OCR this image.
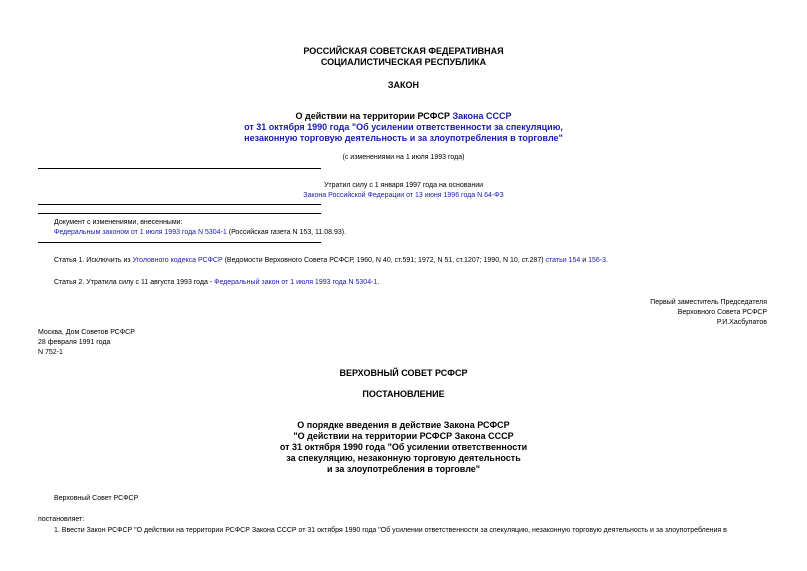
РОССИЙСКАЯ СОВЕТСКАЯ ФЕДЕРАТИВНАЯ
СОЦИАЛИСТИЧЕСКАЯ РЕСПУБЛИКА
ЗАКОН
О действии на территории РСФСР Закона СССР
от 31 октября 1990 года "Об усилении ответственности за спекуляцию,
незаконную торговую деятельность и за злоупотребления в торговле"
(с изменениями на 1 июля 1993 года)
Утратил силу с 1 января 1997 года на основании
Закона Российской Федерации от 13 июня 1996 года N 64-ФЗ
Документ с изменениями, внесенными:
Федеральным законом от 1 июля 1993 года N 5304-1 (Российская газета N 153, 11.08.93).
Статья 1. Исключить из Уголовного кодекса РСФСР (Ведомости Верховного Совета РСФСР, 1960, N 40, ст.591; 1972, N 51, ст.1207; 1990, N 10, ст.287) статьи 154 и 156-3.
Статья 2. Утратила силу с 11 августа 1993 года - Федеральный закон от 1 июля 1993 года N 5304-1.
Первый заместитель Председателя
Верховного Совета РСФСР
Р.И.Хасбулатов
Москва, Дом Советов РСФСР
28 февраля 1991 года
N 752-1
ВЕРХОВНЫЙ СОВЕТ РСФСР
ПОСТАНОВЛЕНИЕ
О порядке введения в действие Закона РСФСР
"О действии на территории РСФСР Закона СССР
от 31 октября 1990 года "Об усилении ответственности
за спекуляцию, незаконную торговую деятельность
и за злоупотребления в торговле"
Верховный Совет РСФСР
постановляет:
1. Ввести Закон РСФСР "О действии на территории РСФСР Закона СССР от 31 октября 1990 года "Об усилении ответственности за спекуляцию, незаконную торговую деятельность и за злоупотребления в
